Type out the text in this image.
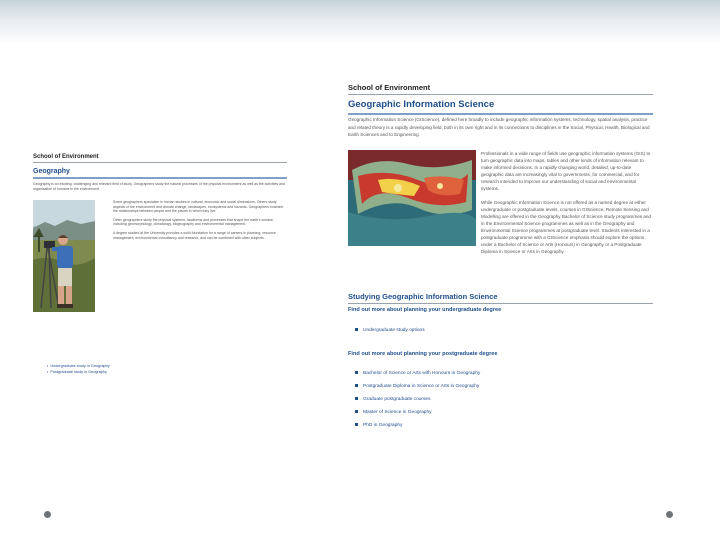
School of Environment
Geography
Geography is an exciting, challenging and relevant field of study. Geographers study the natural processes of the physical environment as well as the activities and organisation of humans in the environment.

Some geographers specialise in human studies in cultural, economic and social dimensions. Others study aspects of the environment and climate change, landscapes, ecosystems and hazards. Geographers examine the relationships between people and the places in which they live.

Other geographers study the physical systems, landforms and processes that shape the earth's surface, including geomorphology, climatology, biogeography and environmental management.

A degree studied at the University provides a solid foundation for a range of careers in planning, resource management, environmental consultancy and research, and can be combined with other subjects.

▪ Undergraduate study in Geography
▪ Postgraduate study in Geography
School of Environment
Geographic Information Science
Geographic Information Science (GIScience), defined here broadly to include geographic information systems, technology, spatial analysis, practice and related theory is a rapidly developing field, both in its own right and in its connections to disciplines in the Social, Physical, Health, Biological and Earth Sciences and to Engineering.

Professionals in a wide range of fields use geographic information systems (GIS) to turn geographic data into maps, tables and other kinds of information relevant to make informed decisions. In a rapidly changing world, detailed, up-to-date geographic data are increasingly vital to governments, for commercial, and for research intended to improve our understanding of social and environmental systems.

While Geographic Information Science is not offered as a named degree at either undergraduate or postgraduate levels, courses in GIScience, Remote Sensing and Modelling are offered in the Geography Bachelor of Science study programmes and in the Environmental Science programmes as well as in the Geography and Environmental Science programmes at postgraduate level. Students interested in a postgraduate programme with a GIScience emphasis should explore the options under a Bachelor of Science or Arts (Honours) in Geography or a Postgraduate Diploma in Science or Arts in Geography.

Studying Geographic Information Science
Find out more about planning your undergraduate degree
Undergraduate study options
Find out more about planning your postgraduate degree
Bachelor of Science or Arts with Honours in Geography
Postgraduate Diploma in Science or Arts in Geography
Graduate postgraduate courses
Master of Science in Geography
PhD in Geography
